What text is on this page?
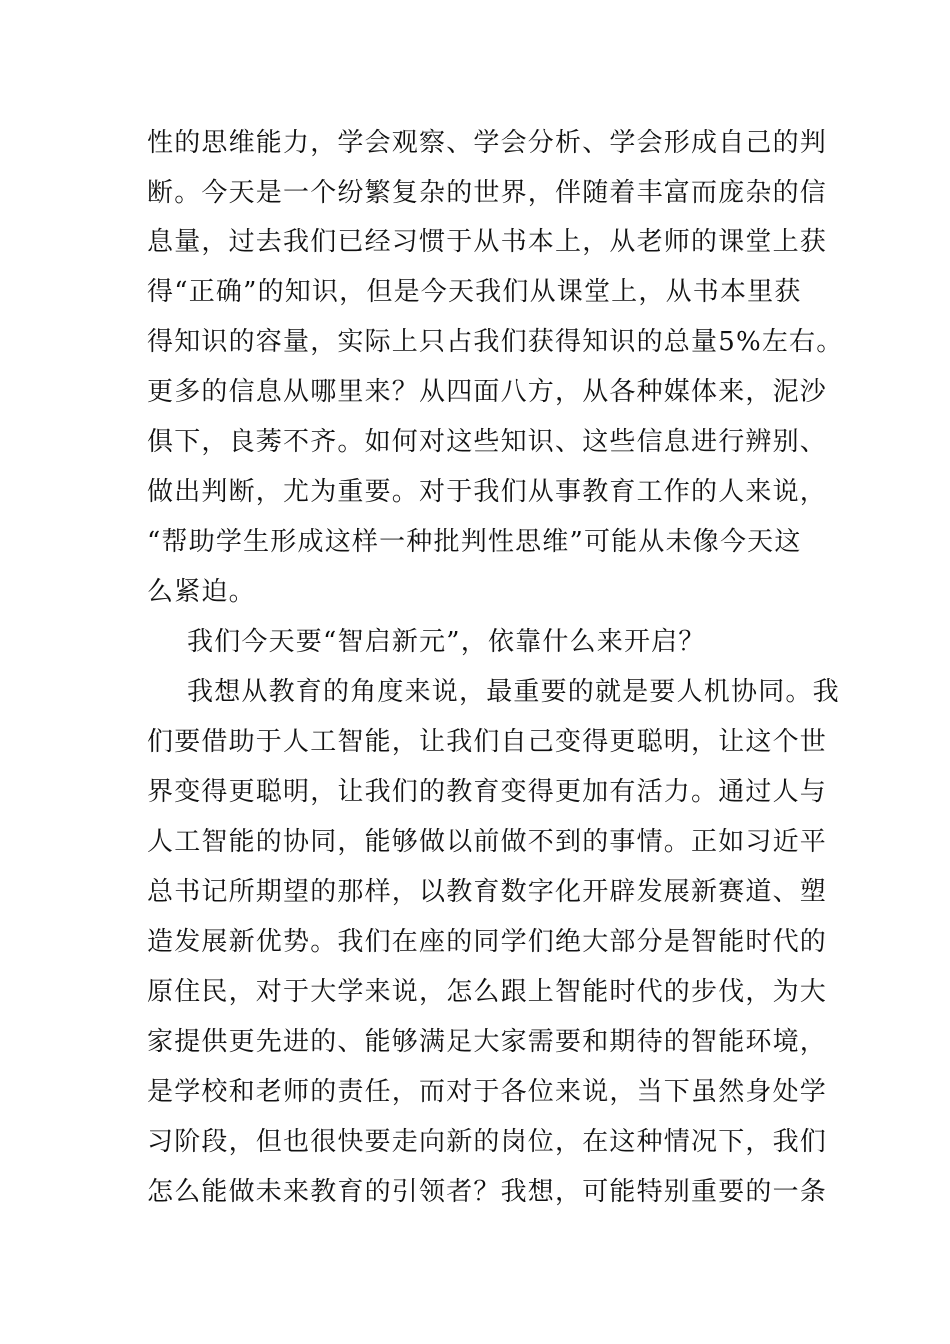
性的思维能力，学会观察、学会分析、学会形成自己的判
断。今天是一个纷繁复杂的世界，伴随着丰富而庞杂的信
息量，过去我们已经习惯于从书本上，从老师的课堂上获
得“正确”的知识，但是今天我们从课堂上，从书本里获
得知识的容量，实际上只占我们获得知识的总量5%左右。
更多的信息从哪里来？从四面八方，从各种媒体来，泥沙
俱下，良莠不齐。如何对这些知识、这些信息进行辨别、
做出判断，尤为重要。对于我们从事教育工作的人来说，
“帮助学生形成这样一种批判性思维”可能从未像今天这
么紧迫。
我们今天要“智启新元”，依靠什么来开启？
我想从教育的角度来说，最重要的就是要人机协同。我
们要借助于人工智能，让我们自己变得更聪明，让这个世
界变得更聪明，让我们的教育变得更加有活力。通过人与
人工智能的协同，能够做以前做不到的事情。正如习近平
总书记所期望的那样，以教育数字化开辟发展新赛道、塑
造发展新优势。我们在座的同学们绝大部分是智能时代的
原住民，对于大学来说，怎么跟上智能时代的步伐，为大
家提供更先进的、能够满足大家需要和期待的智能环境，
是学校和老师的责任，而对于各位来说，当下虽然身处学
习阶段，但也很快要走向新的岗位，在这种情况下，我们
怎么能做未来教育的引领者？我想，可能特别重要的一条
